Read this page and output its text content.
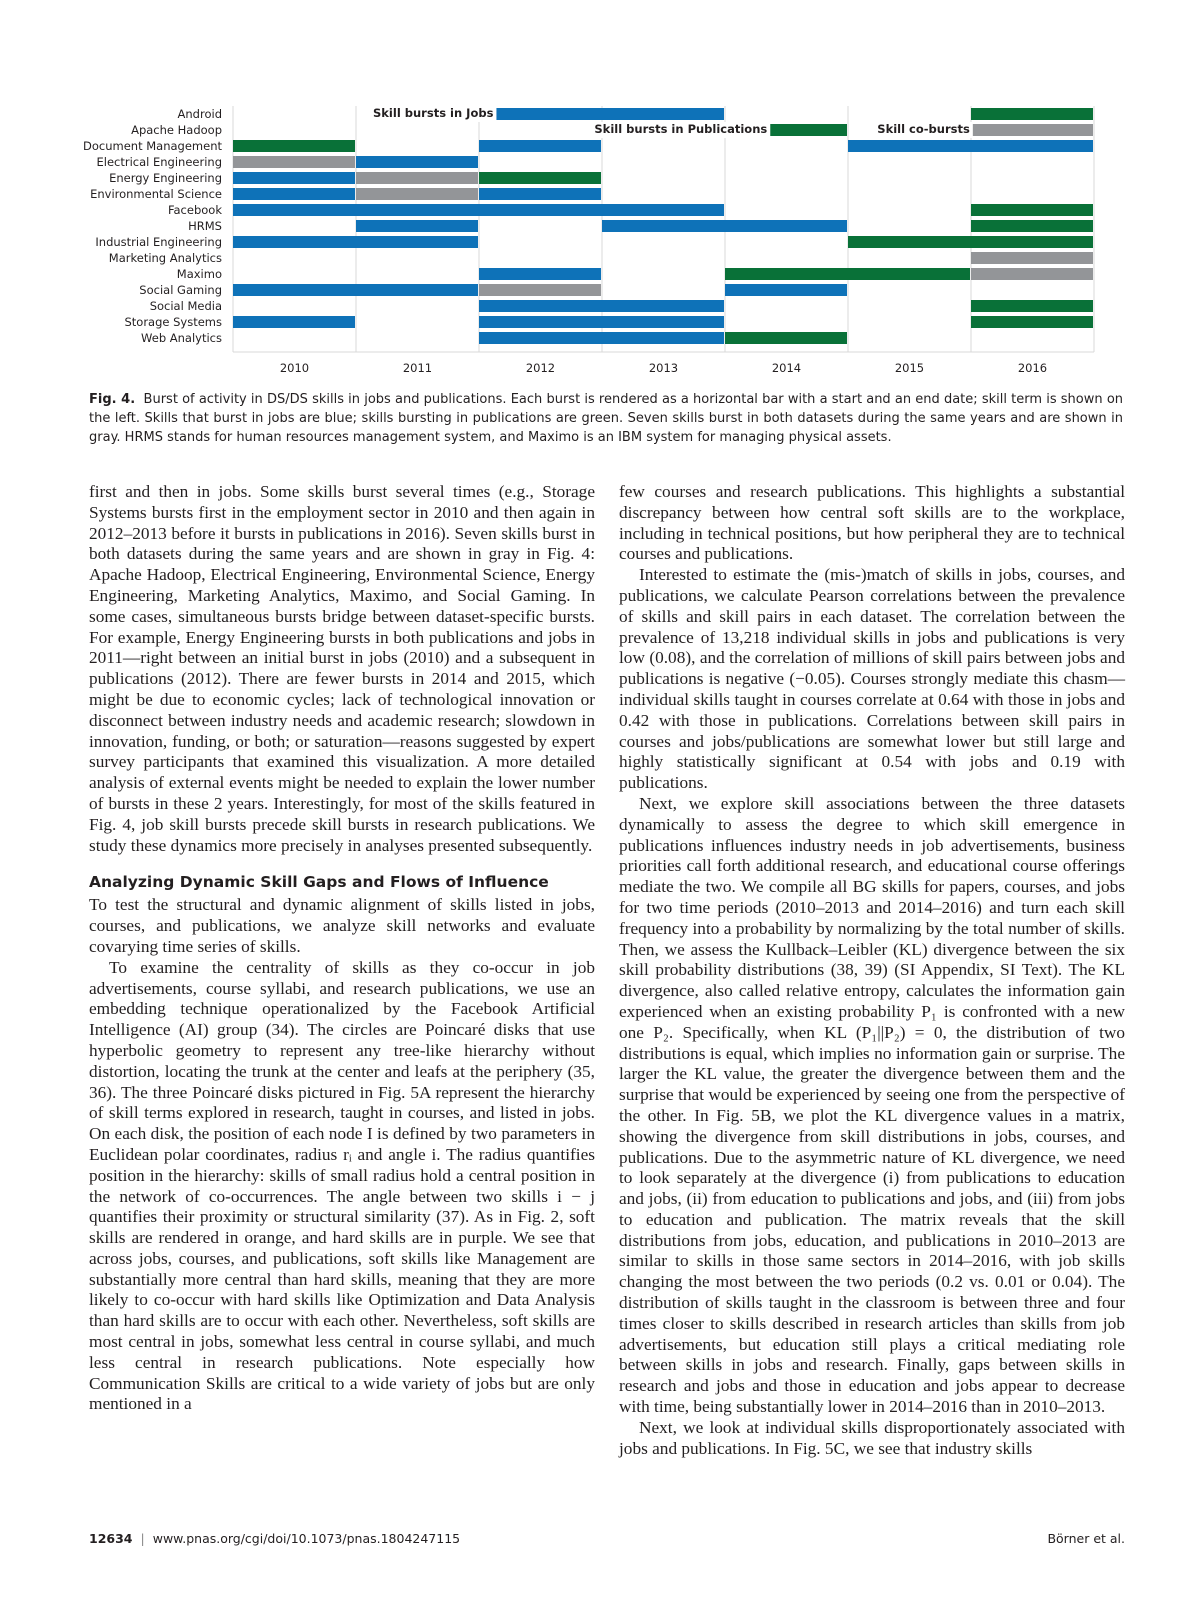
Android
Apache Hadoop
Document Management
Electrical Engineering
Energy Engineering
Environmental Science
Facebook
HRMS
Industrial Engineering
Marketing Analytics
Maximo
Social Gaming
Social Media
Storage Systems
Web Analytics
2010	2011	2012	2013	2014	2015	2016
Skill bursts in Jobs
Skill bursts in Publications	Skill co-bursts
Fig. 4. Burst of activity in DS/DS skills in jobs and publications. Each burst is rendered as a horizontal bar with a start and an end date; skill term is shown on the left. Skills that burst in jobs are blue; skills bursting in publications are green. Seven skills burst in both datasets during the same years and are shown in gray. HRMS stands for human resources management system, and Maximo is an IBM system for managing physical assets.

first and then in jobs. Some skills burst several times (e.g., Storage Systems bursts first in the employment sector in 2010 and then again in 2012–2013 before it bursts in publications in 2016). Seven skills burst in both datasets during the same years and are shown in gray in Fig. 4: Apache Hadoop, Electrical Engineering, Environmental Science, Energy Engineering, Marketing Analytics, Maximo, and Social Gaming. In some cases, simultaneous bursts bridge between dataset-specific bursts. For example, Energy Engineering bursts in both publications and jobs in 2011—right between an initial burst in jobs (2010) and a subsequent in publications (2012). There are fewer bursts in 2014 and 2015, which might be due to economic cycles; lack of technological innovation or disconnect between industry needs and academic research; slowdown in innovation, funding, or both; or saturation—reasons suggested by expert survey participants that examined this visualization. A more detailed analysis of external events might be needed to explain the lower number of bursts in these 2 years. Interestingly, for most of the skills featured in Fig. 4, job skill bursts precede skill bursts in research publications. We study these dynamics more precisely in analyses presented subsequently.

Analyzing Dynamic Skill Gaps and Flows of Influence

To test the structural and dynamic alignment of skills listed in jobs, courses, and publications, we analyze skill networks and evaluate covarying time series of skills.

To examine the centrality of skills as they co-occur in job advertisements, course syllabi, and research publications, we use an embedding technique operationalized by the Facebook Artificial Intelligence (AI) group (34). The circles are Poincaré disks that use hyperbolic geometry to represent any tree-like hierarchy without distortion, locating the trunk at the center and leafs at the periphery (35, 36). The three Poincaré disks pictured in Fig. 5A represent the hierarchy of skill terms explored in research, taught in courses, and listed in jobs. On each disk, the position of each node I is defined by two parameters in Euclidean polar coordinates, radius rᵢ and angle i. The radius quantifies position in the hierarchy: skills of small radius hold a central position in the network of co-occurrences. The angle between two skills i − j quantifies their proximity or structural similarity (37). As in Fig. 2, soft skills are rendered in orange, and hard skills are in purple. We see that across jobs, courses, and publications, soft skills like Management are substantially more central than hard skills, meaning that they are more likely to co-occur with hard skills like Optimization and Data Analysis than hard skills are to occur with each other. Nevertheless, soft skills are most central in jobs, somewhat less central in course syllabi, and much less central in research publications. Note especially how Communication Skills are critical to a wide variety of jobs but are only mentioned in a

few courses and research publications. This highlights a substantial discrepancy between how central soft skills are to the workplace, including in technical positions, but how peripheral they are to technical courses and publications.

Interested to estimate the (mis-)match of skills in jobs, courses, and publications, we calculate Pearson correlations between the prevalence of skills and skill pairs in each dataset. The correlation between the prevalence of 13,218 individual skills in jobs and publications is very low (0.08), and the correlation of millions of skill pairs between jobs and publications is negative (−0.05). Courses strongly mediate this chasm—individual skills taught in courses correlate at 0.64 with those in jobs and 0.42 with those in publications. Correlations between skill pairs in courses and jobs/publications are somewhat lower but still large and highly statistically significant at 0.54 with jobs and 0.19 with publications.

Next, we explore skill associations between the three datasets dynamically to assess the degree to which skill emergence in publications influences industry needs in job advertisements, business priorities call forth additional research, and educational course offerings mediate the two. We compile all BG skills for papers, courses, and jobs for two time periods (2010–2013 and 2014–2016) and turn each skill frequency into a probability by normalizing by the total number of skills. Then, we assess the Kullback–Leibler (KL) divergence between the six skill probability distributions (38, 39) (SI Appendix, SI Text). The KL divergence, also called relative entropy, calculates the information gain experienced when an existing probability P₁ is confronted with a new one P₂. Specifically, when KL (P₁||P₂) = 0, the distribution of two distributions is equal, which implies no information gain or surprise. The larger the KL value, the greater the divergence between them and the surprise that would be experienced by seeing one from the perspective of the other. In Fig. 5B, we plot the KL divergence values in a matrix, showing the divergence from skill distributions in jobs, courses, and publications. Due to the asymmetric nature of KL divergence, we need to look separately at the divergence (i) from publications to education and jobs, (ii) from education to publications and jobs, and (iii) from jobs to education and publication. The matrix reveals that the skill distributions from jobs, education, and publications in 2010–2013 are similar to skills in those same sectors in 2014–2016, with job skills changing the most between the two periods (0.2 vs. 0.01 or 0.04). The distribution of skills taught in the classroom is between three and four times closer to skills described in research articles than skills from job advertisements, but education still plays a critical mediating role between skills in jobs and research. Finally, gaps between skills in research and jobs and those in education and jobs appear to decrease with time, being substantially lower in 2014–2016 than in 2010–2013.

Next, we look at individual skills disproportionately associated with jobs and publications. In Fig. 5C, we see that industry skills

12634 | www.pnas.org/cgi/doi/10.1073/pnas.1804247115	Börner et al.
